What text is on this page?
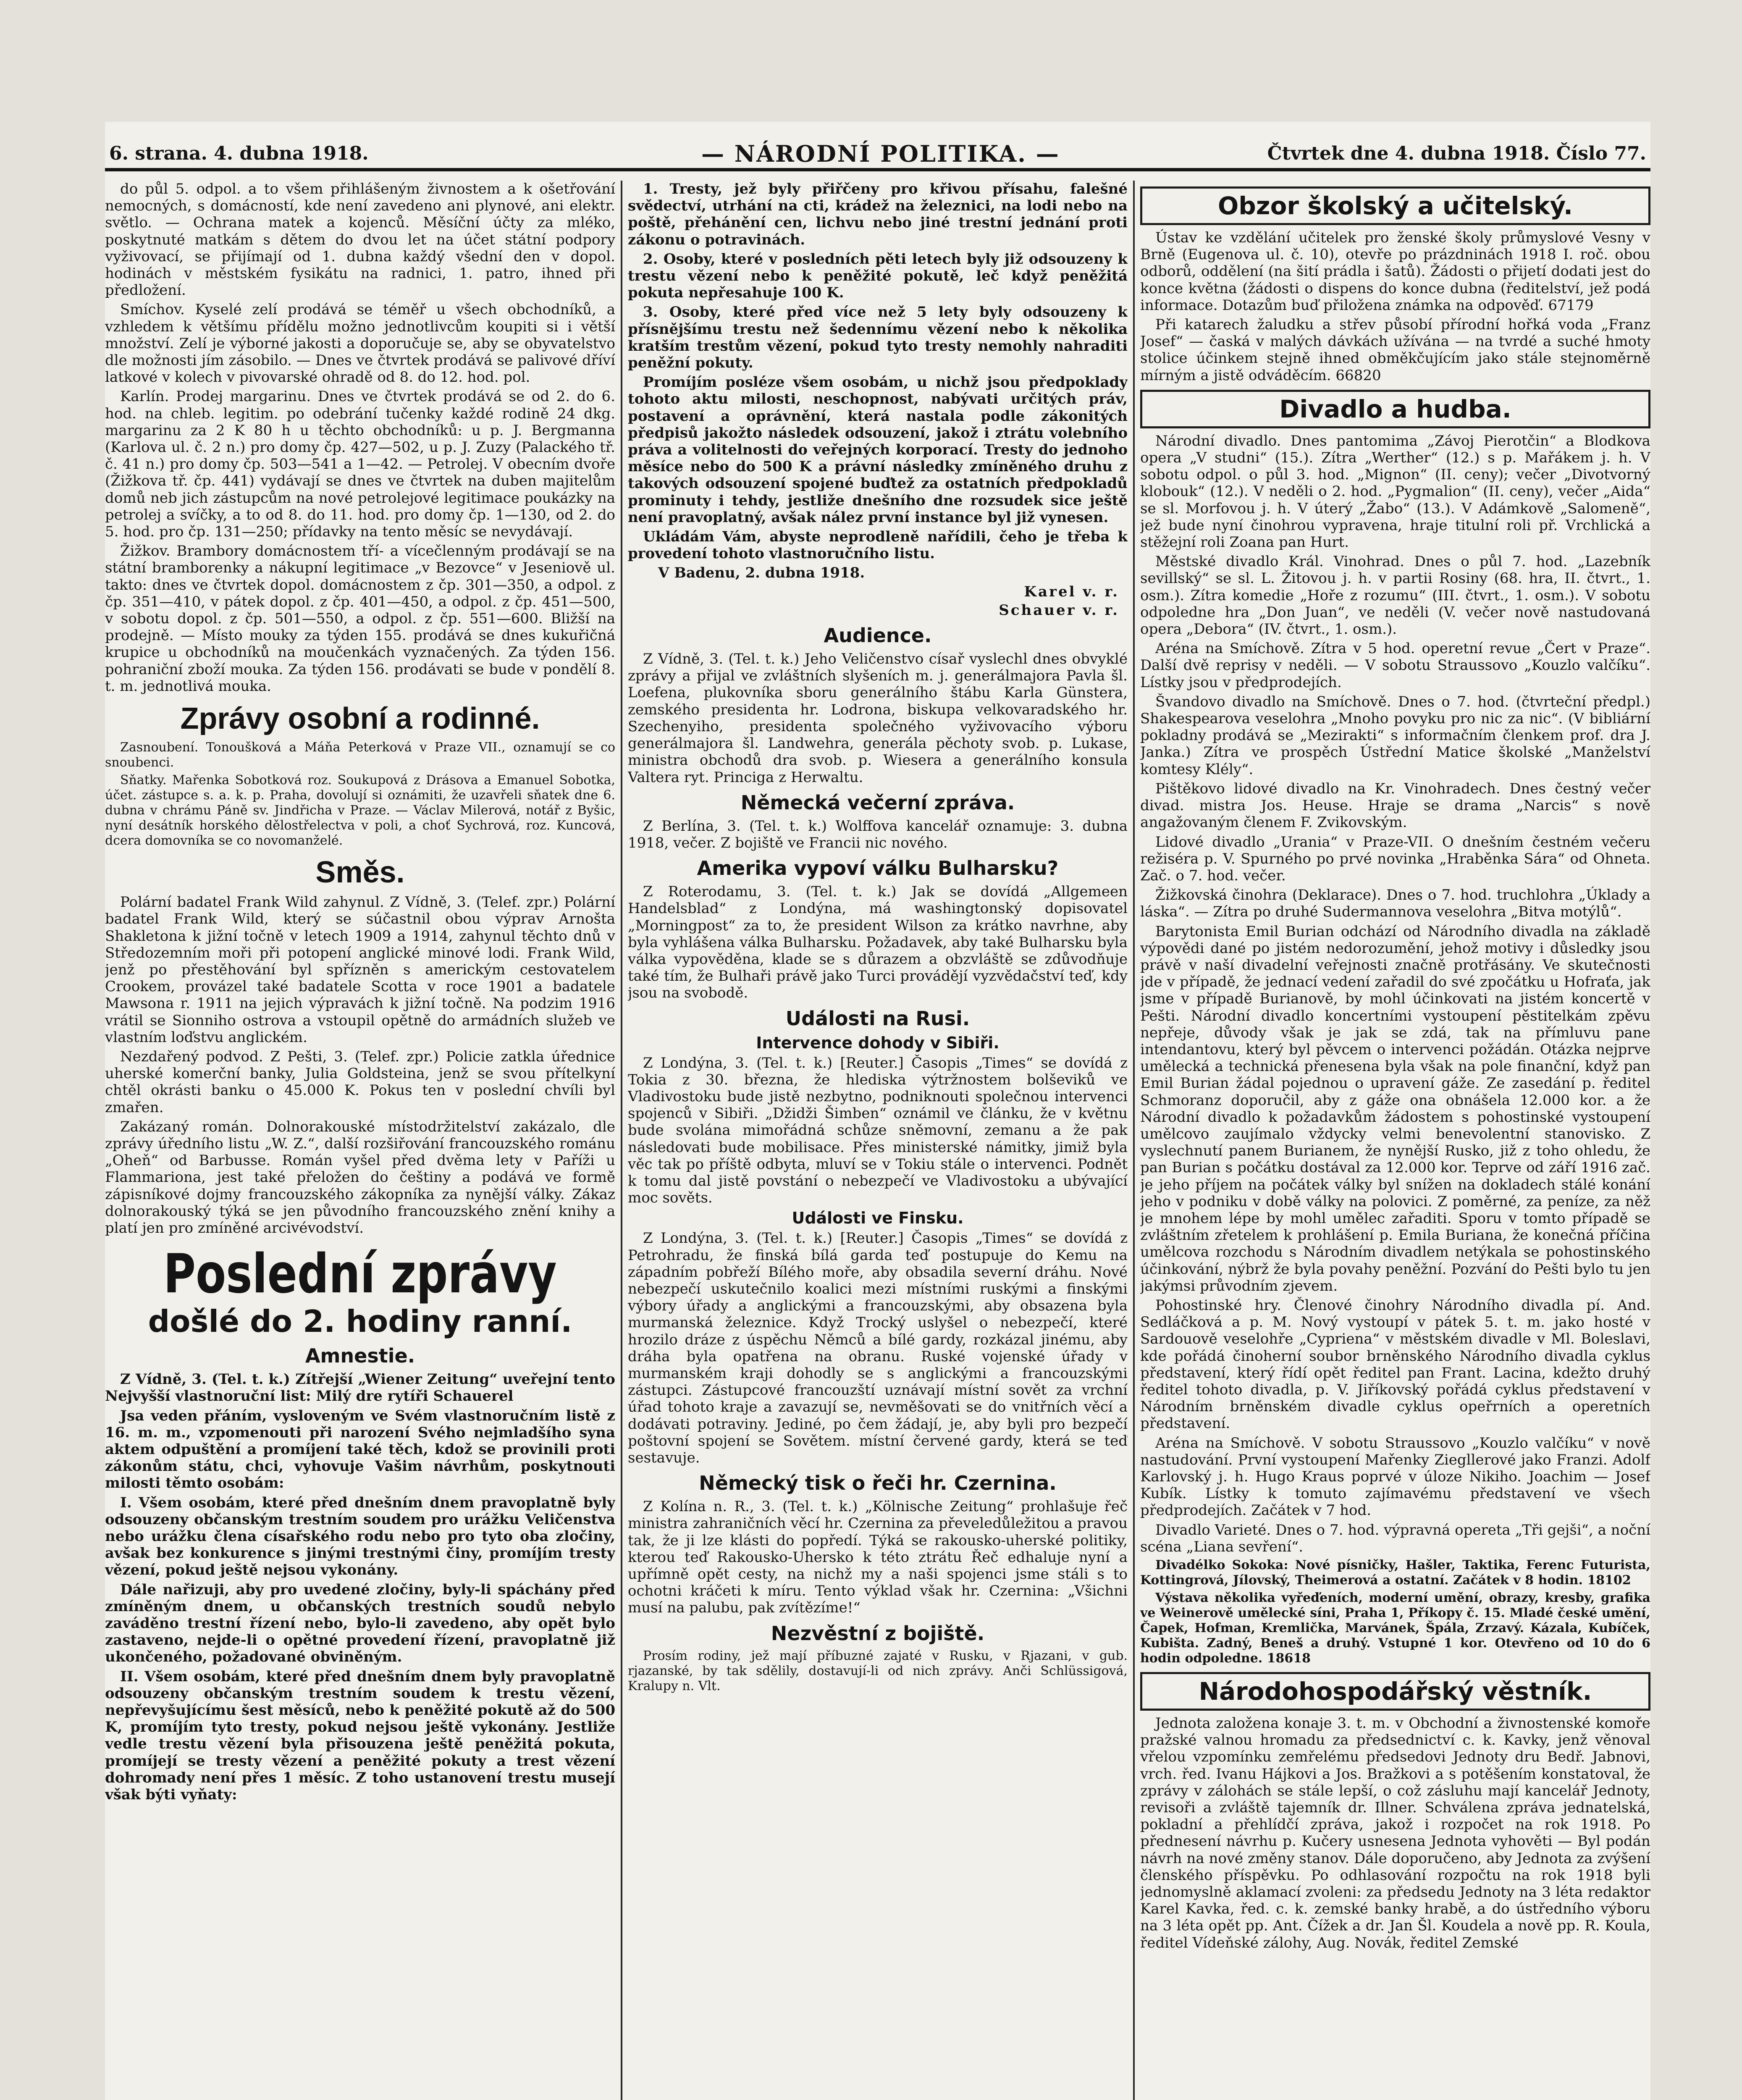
6. strana. 4. dubna 1918.	— NÁRODNÍ POLITIKA. —	Čtvrtek dne 4. dubna 1918. Číslo 77.

do půl 5. odpol. a to všem přihlášeným živnostem a k ošetřování nemocných, s domácností, kde není zavedeno ani plynové, ani elektr. světlo. — Ochrana matek a kojenců. Měsíční účty za mléko, poskytnuté matkám s dětem do dvou let na účet státní podpory vyživovací, se přijímají od 1. dubna každý všední den v dopol. hodinách v městském fysikátu na radnici, 1. patro, ihned při předložení.

Smíchov. Kyselé zelí prodává se téměř u všech obchodníků, a vzhledem k většímu přídělu možno jednotlivcům koupiti si i větší množství. Zelí je výborné jakosti a doporučuje se, aby se obyvatelstvo dle možnosti jím zásobilo. — Dnes ve čtvrtek prodává se palivové dříví latkové v kolech v pivovarské ohradě od 8. do 12. hod. pol.

Karlín. Prodej margarinu. Dnes ve čtvrtek prodává se od 2. do 6. hod. na chleb. legitim. po odebrání tučenky každé rodině 24 dkg. margarinu za 2 K 80 h u těchto obchodníků: u p. J. Bergmanna (Karlova ul. č. 2 n.) pro domy čp. 427—502, u p. J. Zuzy (Palackého tř. č. 41 n.) pro domy čp. 503—541 a 1—42. — Petrolej. V obecním dvoře (Žižkova tř. čp. 441) vydávají se dnes ve čtvrtek na duben majitelům domů neb jich zástupcům na nové petrolejové legitimace poukázky na petrolej a svíčky, a to od 8. do 11. hod. pro domy čp. 1—130, od 2. do 5. hod. pro čp. 131—250; přídavky na tento měsíc se nevydávají.

Žižkov. Brambory domácnostem tří- a vícečlenným prodávají se na státní bramborenky a nákupní legitimace „v Bezovce“ v Jeseniově ul. takto: dnes ve čtvrtek dopol. domácnostem z čp. 301—350, a odpol. z čp. 351—410, v pátek dopol. z čp. 401—450, a odpol. z čp. 451—500, v sobotu dopol. z čp. 501—550, a odpol. z čp. 551—600. Bližší na prodejně. — Místo mouky za týden 155. prodává se dnes kukuřičná krupice u obchodníků na moučenkách vyznačených. Za týden 156. pohraniční zboží mouka. Za týden 156. prodávati se bude v pondělí 8. t. m. jednotlivá mouka.

Zprávy osobní a rodinné.

Zasnoubení. Tonoušková a Máňa Peterková v Praze VII., oznamují se co snoubenci.

Sňatky. Mařenka Sobotková roz. Soukupová z Drásova a Emanuel Sobotka, účet. zástupce s. a. k. p. Praha, dovolují si oznámiti, že uzavřeli sňatek dne 6. dubna v chrámu Páně sv. Jindřicha v Praze. — Václav Milerová, notář z Byšic, nyní desátník horského dělostřelectva v poli, a choť Sychrová, roz. Kuncová, dcera domovníka se co novomanželé.

Směs.

Polární badatel Frank Wild zahynul. Z Vídně, 3. (Telef. zpr.) Polární badatel Frank Wild, který se súčastnil obou výprav Arnošta Shakletona k jižní točně v letech 1909 a 1914, zahynul těchto dnů v Středozemním moři při potopení anglické minové lodi. Frank Wild, jenž po přestěhování byl spřízněn s americkým cestovatelem Crookem, provázel také badatele Scotta v roce 1901 a badatele Mawsona r. 1911 na jejich výpravách k jižní točně. Na podzim 1916 vrátil se Sionniho ostrova a vstoupil opětně do armádních služeb ve vlastním loďstvu anglickém.

Nezdařený podvod. Z Pešti, 3. (Telef. zpr.) Policie zatkla úřednice uherské komerční banky, Julia Goldsteina, jenž se svou přítelkyní chtěl okrásti banku o 45.000 K. Pokus ten v poslední chvíli byl zmařen.

Zakázaný román. Dolnorakouské místodržitelství zakázalo, dle zprávy úředního listu „W. Z.“, další rozšiřování francouzského románu „Oheň“ od Barbusse. Román vyšel před dvěma lety v Paříži u Flammariona, jest také přeložen do češtiny a podává ve formě zápisníkové dojmy francouzského zákopníka za nynější války. Zákaz dolnorakouský týká se jen původního francouzského znění knihy a platí jen pro zmíněné arcivévodství.

Poslední zprávy
došlé do 2. hodiny ranní.
Amnestie.

Z Vídně, 3. (Tel. t. k.) Zítřejší „Wiener Zeitung“ uveřejní tento Nejvyšší vlastnoruční list: Milý dre rytíři Schauerel

Jsa veden přáním, vysloveným ve Svém vlastnoručním listě z 16. m. m., vzpomenouti při narození Svého nejmladšího syna aktem odpuštění a promíjení také těch, kdož se provinili proti zákonům státu, chci, vyhovuje Vašim návrhům, poskytnouti milosti těmto osobám:

I. Všem osobám, které před dnešním dnem pravoplatně byly odsouzeny občanským trestním soudem pro urážku Veličenstva nebo urážku člena císařského rodu nebo pro tyto oba zločiny, avšak bez konkurence s jinými trestnými činy, promíjím tresty vězení, pokud ještě nejsou vykonány.

Dále nařizuji, aby pro uvedené zločiny, byly-li spáchány před zmíněným dnem, u občanských trestních soudů nebylo zaváděno trestní řízení nebo, bylo-li zavedeno, aby opět bylo zastaveno, nejde-li o opětné provedení řízení, pravoplatně již ukončeného, požadované obviněným.

II. Všem osobám, které před dnešním dnem byly pravoplatně odsouzeny občanským trestním soudem k trestu vězení, nepřevyšujícímu šest měsíců, nebo k peněžité pokutě až do 500 K, promíjím tyto tresty, pokud nejsou ještě vykonány. Jestliže vedle trestu vězení byla přisouzena ještě peněžitá pokuta, promíjejí se tresty vězení a peněžité pokuty a trest vězení dohromady není přes 1 měsíc. Z toho ustanovení trestu musejí však býti vyňaty:

1. Tresty, jež byly přiřčeny pro křivou přísahu, falešné svědectví, utrhání na cti, krádež na železnici, na lodi nebo na poště, přehánění cen, lichvu nebo jiné trestní jednání proti zákonu o potravinách.

2. Osoby, které v posledních pěti letech byly již odsouzeny k trestu vězení nebo k peněžité pokutě, leč když peněžitá pokuta nepřesahuje 100 K.

3. Osoby, které před více než 5 lety byly odsouzeny k přísnějšímu trestu než šedennímu vězení nebo k několika kratším trestům vězení, pokud tyto tresty nemohly nahraditi peněžní pokuty.

Promíjím posléze všem osobám, u nichž jsou předpoklady tohoto aktu milosti, neschopnost, nabývati určitých práv, postavení a oprávnění, která nastala podle zákonitých předpisů jakožto následek odsouzení, jakož i ztrátu volebního práva a volitelnosti do veřejných korporací. Tresty do jednoho měsíce nebo do 500 K a právní následky zmíněného druhu z takových odsouzení spojené buďtež za ostatních předpokladů prominuty i tehdy, jestliže dnešního dne rozsudek sice ještě není pravoplatný, avšak nález první instance byl již vynesen.

Ukládám Vám, abyste neprodleně nařídili, čeho je třeba k provedení tohoto vlastnoručního listu.

V Badenu, 2. dubna 1918.

Karel v. r.
Schauer v. r.
Audience.

Z Vídně, 3. (Tel. t. k.) Jeho Veličenstvo císař vyslechl dnes obvyklé zprávy a přijal ve zvláštních slyšeních m. j. generálmajora Pavla šl. Loefena, plukovníka sboru generálního štábu Karla Günstera, zemského presidenta hr. Lodrona, biskupa velkovaradského hr. Szechenyiho, presidenta společného vyživovacího výboru generálmajora šl. Landwehra, generála pěchoty svob. p. Lukase, ministra obchodů dra svob. p. Wiesera a generálního konsula Valtera ryt. Princiga z Herwaltu.

Německá večerní zpráva.

Z Berlína, 3. (Tel. t. k.) Wolffova kancelář oznamuje: 3. dubna 1918, večer. Z bojiště ve Francii nic nového.

Amerika vypoví válku Bulharsku?

Z Roterodamu, 3. (Tel. t. k.) Jak se dovídá „Allgemeen Handelsblad“ z Londýna, má washingtonský dopisovatel „Morningpost“ za to, že president Wilson za krátko navrhne, aby byla vyhlášena válka Bulharsku. Požadavek, aby také Bulharsku byla válka vypověděna, klade se s důrazem a obzvláště se zdůvodňuje také tím, že Bulhaři právě jako Turci provádějí vyzvědačství teď, kdy jsou na svobodě.

Události na Rusi.
Intervence dohody v Sibiři.

Z Londýna, 3. (Tel. t. k.) [Reuter.] Časopis „Times“ se dovídá z Tokia z 30. března, že hlediska výtržnostem bolševiků ve Vladivostoku bude jistě nezbytno, podniknouti společnou intervenci spojenců v Sibiři. „Džidži Šimben“ oznámil ve článku, že v květnu bude svolána mimořádná schůze sněmovní, zemanu a že pak následovati bude mobilisace. Přes ministerské námitky, jimiž byla věc tak po příště odbyta, mluví se v Tokiu stále o intervenci. Podnět k tomu dal jistě povstání o nebezpečí ve Vladivostoku a ubývající moc sověts.

Události ve Finsku.

Z Londýna, 3. (Tel. t. k.) [Reuter.] Časopis „Times“ se dovídá z Petrohradu, že finská bílá garda teď postupuje do Kemu na západním pobřeží Bílého moře, aby obsadila severní dráhu. Nové nebezpečí uskutečnilo koalici mezi místními ruskými a finskými výbory úřady a anglickými a francouzskými, aby obsazena byla murmanská železnice. Když Trocký uslyšel o nebezpečí, které hrozilo dráze z úspěchu Němců a bílé gardy, rozkázal jinému, aby dráha byla opatřena na obranu. Ruské vojenské úřady v murmanském kraji dohodly se s anglickými a francouzskými zástupci. Zástupcové francouzští uznávají místní sovět za vrchní úřad tohoto kraje a zavazují se, nevměšovati se do vnitřních věcí a dodávati potraviny. Jediné, po čem žádají, je, aby byli pro bezpečí poštovní spojení se Sovětem. místní červené gardy, která se teď sestavuje.

Německý tisk o řeči hr. Czernina.

Z Kolína n. R., 3. (Tel. t. k.) „Kölnische Zeitung“ prohlašuje řeč ministra zahraničních věcí hr. Czernina za převeledůležitou a pravou tak, že ji lze klásti do popředí. Týká se rakousko-uherské politiky, kterou teď Rakousko-Uhersko k této ztrátu Řeč edhaluje nyní a upřímně opět cesty, na nichž my a naši spojenci jsme stáli s to ochotni kráčeti k míru. Tento výklad však hr. Czernina: „Všichni musí na palubu, pak zvítězíme!“

Nezvěstní z bojiště.

Prosím rodiny, jež mají příbuzné zajaté v Rusku, v Rjazani, v gub. rjazanské, by tak sdělily, dostavují-li od nich zprávy. Anči Schlüssigová, Kralupy n. Vlt.

Obzor školský a učitelský.

Ústav ke vzdělání učitelek pro ženské školy průmyslové Vesny v Brně (Eugenova ul. č. 10), otevře po prázdninách 1918 I. roč. obou odborů, oddělení (na šití prádla i šatů). Žádosti o přijetí dodati jest do konce května (žádosti o dispens do konce dubna (ředitelství, jež podá informace. Dotazům buď přiložena známka na odpověď. 67179

Při katarech žaludku a střev působí přírodní hořká voda „Franz Josef“ — časká v malých dávkách užívána — na tvrdé a suché hmoty stolice účinkem stejně ihned obměkčujícím jako stále stejnoměrně mírným a jistě odváděcím. 66820

Divadlo a hudba.

Národní divadlo. Dnes pantomima „Závoj Pierotčin“ a Blodkova opera „V studni“ (15.). Zítra „Werther“ (12.) s p. Mařákem j. h. V sobotu odpol. o půl 3. hod. „Mignon“ (II. ceny); večer „Divotvorný klobouk“ (12.). V neděli o 2. hod. „Pygmalion“ (II. ceny), večer „Aida“ se sl. Morfovou j. h. V úterý „Žabo“ (13.). V Adámkově „Salomeně“, jež bude nyní činohrou vypravena, hraje titulní roli př. Vrchlická a stěžejní roli Zoana pan Hurt.

Městské divadlo Král. Vinohrad. Dnes o půl 7. hod. „Lazebník sevillský“ se sl. L. Žitovou j. h. v partii Rosiny (68. hra, II. čtvrt., 1. osm.). Zítra komedie „Hoře z rozumu“ (III. čtvrt., 1. osm.). V sobotu odpoledne hra „Don Juan“, ve neděli (V. večer nově nastudovaná opera „Debora“ (IV. čtvrt., 1. osm.).

Aréna na Smíchově. Zítra v 5 hod. operetní revue „Čert v Praze“. Další dvě reprisy v neděli. — V sobotu Straussovo „Kouzlo valčíku“. Lístky jsou v předprodejích.

Švandovo divadlo na Smíchově. Dnes o 7. hod. (čtvrteční předpl.) Shakespearova veselohra „Mnoho povyku pro nic za nic“. (V bibliární pokladny prodává se „Mezirakti“ s informačním členkem prof. dra J. Janka.) Zítra ve prospěch Ústřední Matice školské „Manželství komtesy Klély“.

Pištěkovo lidové divadlo na Kr. Vinohradech. Dnes čestný večer divad. mistra Jos. Heuse. Hraje se drama „Narcis“ s nově angažovaným členem F. Zvikovským.

Lidové divadlo „Urania“ v Praze-VII. O dnešním čestném večeru režiséra p. V. Spurného po prvé novinka „Hraběnka Sára“ od Ohneta. Zač. o 7. hod. večer.

Žižkovská činohra (Deklarace). Dnes o 7. hod. truchlohra „Úklady a láska“. — Zítra po druhé Sudermannova veselohra „Bitva motýlů“.

Barytonista Emil Burian odchází od Národního divadla na základě výpovědi dané po jistém nedorozumění, jehož motivy i důsledky jsou právě v naší divadelní veřejnosti značně protřásány. Ve skutečnosti jde v případě, že jednací vedení zařadil do své zpočátku u Hofraťa, jak jsme v případě Burianově, by mohl účinkovati na jistém koncertě v Pešti. Národní divadlo koncertními vystoupení pěstitelkám zpěvu nepřeje, důvody však je jak se zdá, tak na přímluvu pane intendantovu, který byl pěvcem o intervenci požádán. Otázka nejprve umělecká a technická přenesena byla však na pole finanční, když pan Emil Burian žádal pojednou o upravení gáže. Ze zasedání p. ředitel Schmoranz doporučil, aby z gáže ona obnášela 12.000 kor. a že Národní divadlo k požadavkům žádostem s pohostinské vystoupení umělcovo zaujímalo vždycky velmi benevolentní stanovisko. Z vyslechnutí panem Burianem, že nynější Rusko, již z toho ohledu, že pan Burian s počátku dostával za 12.000 kor. Teprve od září 1916 zač. je jeho příjem na počátek války byl snížen na dokladech stálé konání jeho v podniku v době války na polovici. Z poměrné, za peníze, za něž je mnohem lépe by mohl umělec zařaditi. Sporu v tomto případě se zvláštním zřetelem k prohlášení p. Emila Buriana, že konečná příčina umělcova rozchodu s Národním divadlem netýkala se pohostinského účinkování, nýbrž že byla povahy peněžní. Pozvání do Pešti bylo tu jen jakýmsi průvodním zjevem.

Pohostinské hry. Členové činohry Národního divadla pí. And. Sedláčková a p. M. Nový vystoupí v pátek 5. t. m. jako hosté v Sardouově veselohře „Cypriena“ v městském divadle v Ml. Boleslavi, kde pořádá činoherní soubor brněnského Národního divadla cyklus představení, který řídí opět ředitel pan Frant. Lacina, kdežto druhý ředitel tohoto divadla, p. V. Jiříkovský pořádá cyklus představení v Národním brněnském divadle cyklus opeřrních a operetních představení.

Aréna na Smíchově. V sobotu Straussovo „Kouzlo valčíku“ v nově nastudování. První vystoupení Mařenky Ziegllerové jako Franzi. Adolf Karlovský j. h. Hugo Kraus poprvé v úloze Nikiho. Joachim — Josef Kubík. Lístky k tomuto zajímavému představení ve všech předprodejích. Začátek v 7 hod.

Divadlo Varieté. Dnes o 7. hod. výpravná opereta „Tři gejši“, a noční scéna „Liana sevření“.

Divadélko Sokoka: Nové písničky, Hašler, Taktika, Ferenc Futurista, Kottingrová, Jílovský, Theimerová a ostatní. Začátek v 8 hodin. 18102

Výstava několika vyřeďeních, moderní umění, obrazy, kresby, grafika ve Weinerově umělecké síni, Praha 1, Příkopy č. 15. Mladé české umění, Čapek, Hofman, Kremlička, Marvánek, Špála, Zrzavý. Kázala, Kubíček, Kubišta. Zadný, Beneš a druhý. Vstupné 1 kor. Otevřeno od 10 do 6 hodin odpoledne. 18618

Národohospodářský věstník.

Jednota založena konaje 3. t. m. v Obchodní a živnostenské komoře pražské valnou hromadu za předsednictví c. k. Kavky, jenž věnoval vřelou vzpomínku zemřelému předsedovi Jednoty dru Bedř. Jabnovi, vrch. řed. Ivanu Hájkovi a Jos. Bražkovi a s potěšením konstatoval, že zprávy v zálohách se stále lepší, o což zásluhu mají kancelář Jednoty, revisoři a zvláště tajemník dr. Illner. Schválena zpráva jednatelská, pokladní a přehlídčí zpráva, jakož i rozpočet na rok 1918. Po přednesení návrhu p. Kučery usnesena Jednota vyhověti — Byl podán návrh na nové změny stanov. Dále doporučeno, aby Jednota za zvýšení členského příspěvku. Po odhlasování rozpočtu na rok 1918 byli jednomyslně aklamací zvoleni: za předsedu Jednoty na 3 léta redaktor Karel Kavka, řed. c. k. zemské banky hrabě, a do ústředního výboru na 3 léta opět pp. Ant. Čížek a dr. Jan Šl. Koudela a nově pp. R. Koula, ředitel Vídeňské zálohy, Aug. Novák, ředitel Zemské
